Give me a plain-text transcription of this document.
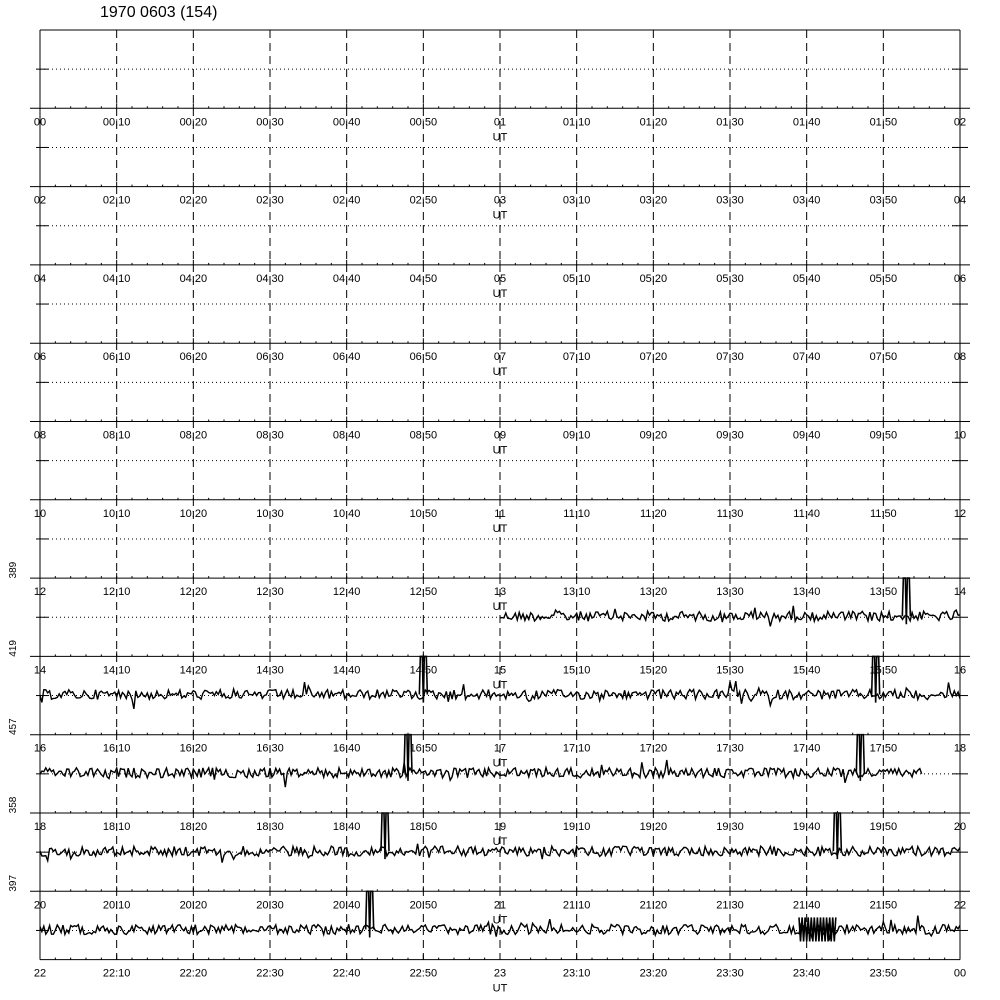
1970 0603 (154)
00	00:10	00:20	00:30	00:40	00:50	01:10	01:20	01:30	01:40	01:50
01	02
UT
02	02:10	02:20	02:30	02:40	02:50	03:10	03:20	03:30	03:40	03:50
03	04
UT
04	04:10	04:20	04:30	04:40	04:50	05:10	05:20	05:30	05:40	05:50
05	06
UT
06	06:10	06:20	06:30	06:40	06:50	07:10	07:20	07:30	07:40	07:50
07	08
UT
08	08:10	08:20	08:30	08:40	08:50	09:10	09:20	09:30	09:40	09:50
09	10
UT
10	10:10	10:20	10:30	10:40	10:50	11:10	11:20	11:30	11:40	11:50
11	12
UT
12	12:10	12:20	12:30	12:40	12:50	13:10	13:20	13:30	13:40	13:50
13	14
UT
389
14	14:10	14:20	14:30	14:40	14:50	15:10	15:20	15:30	15:40	15:50
15	16
UT
419
16	16:10	16:20	16:30	16:40	16:50	17:10	17:20	17:30	17:40	17:50
17	18
UT
457
18	18:10	18:20	18:30	18:40	18:50	19:10	19:20	19:30	19:40	19:50
19	20
UT
358
20	20:10	20:20	20:30	20:40	20:50	21:10	21:20	21:30	21:40	21:50
21	22
UT
397
22	22:10	22:20	22:30	22:40	22:50	23:10	23:20	23:30	23:40	23:50
23	00
UT
